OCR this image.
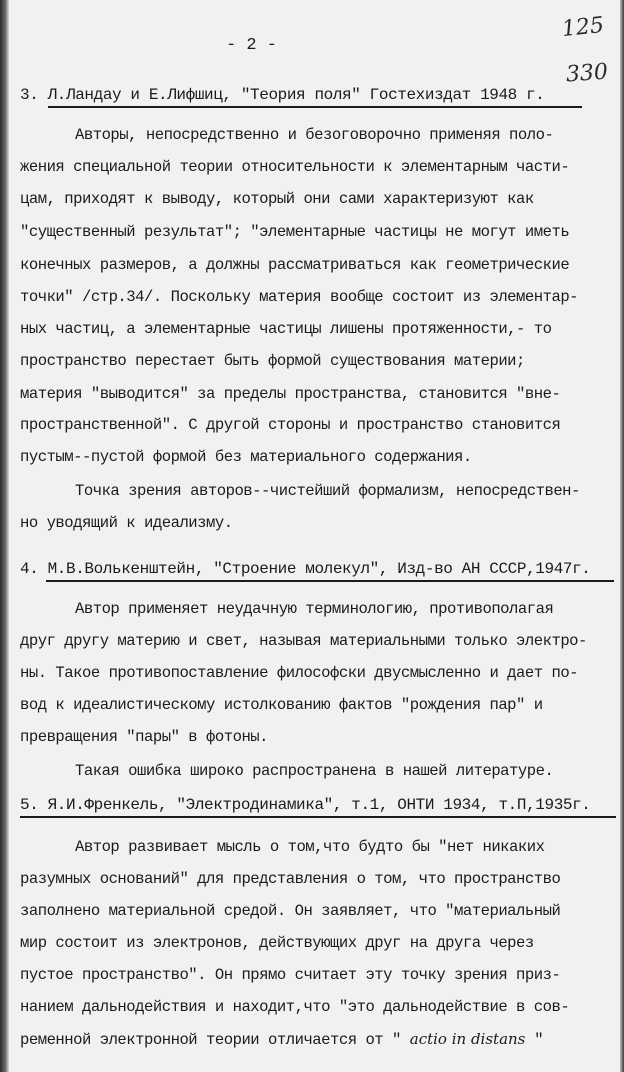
- 2 -
125
330
3. Л.Ландау и Е.Лифшиц, "Теория поля" Гостехиздат 1948 г.
Авторы, непосредственно и безоговорочно применяя поло-
жения специальной теории относительности к элементарным части-
цам, приходят к выводу, который они сами характеризуют как
"существенный результат"; "элементарные частицы не могут иметь
конечных размеров, а должны рассматриваться как геометрические
точки" /стр.34/. Поскольку материя вообще состоит из элементар-
ных частиц, а элементарные частицы лишены протяженности,- то
пространство перестает быть формой существования материи;
материя "выводится" за пределы пространства, становится "вне-
пространственной". С другой стороны и пространство становится
пустым--пустой формой без материального содержания.
Точка зрения авторов--чистейший формализм, непосредствен-
но уводящий к идеализму.
4. М.В.Волькенштейн, "Строение молекул", Изд-во АН СССР,1947г.
Автор применяет неудачную терминологию, противополагая
друг другу материю и свет, называя материальными только электро-
ны. Такое противопоставление философски двусмысленно и дает по-
вод к идеалистическому истолкованию фактов "рождения пар" и
превращения "пары" в фотоны.
Такая ошибка широко распространена в нашей литературе.
5. Я.И.Френкель, "Электродинамика", т.1, ОНТИ 1934, т.П,1935г.
Автор развивает мысль о том,что будто бы "нет никаких
разумных оснований" для представления о том, что пространство
заполнено материальной средой. Он заявляет, что "материальный
мир состоит из электронов, действующих друг на друга через
пустое пространство". Он прямо считает эту точку зрения приз-
нанием дальнодействия и находит,что "это дальнодействие в сов-
ременной электронной теории отличается от " actio in distans "
